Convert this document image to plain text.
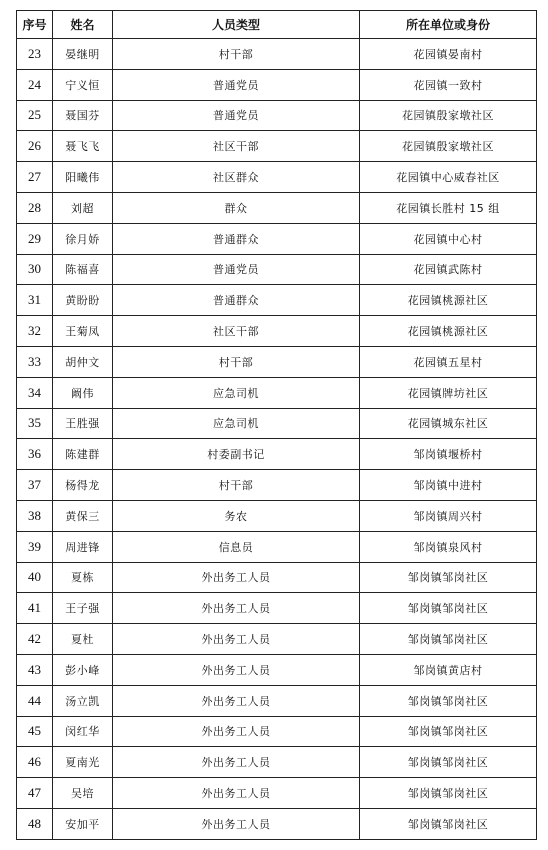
序号	姓名	人员类型	所在单位或身份
23	晏继明	村干部	花园镇晏南村
24	宁义恒	普通党员	花园镇一致村
25	聂国芬	普通党员	花园镇殷家墩社区
26	聂飞飞	社区干部	花园镇殷家墩社区
27	阳曦伟	社区群众	花园镇中心威春社区
28	刘超	群众	花园镇长胜村 15 组
29	徐月娇	普通群众	花园镇中心村
30	陈福喜	普通党员	花园镇武陈村
31	黄盼盼	普通群众	花园镇桃源社区
32	王菊凤	社区干部	花园镇桃源社区
33	胡仲文	村干部	花园镇五星村
34	阚伟	应急司机	花园镇牌坊社区
35	王胜强	应急司机	花园镇城东社区
36	陈建群	村委副书记	邹岗镇堰桥村
37	杨得龙	村干部	邹岗镇中进村
38	黄保三	务农	邹岗镇周兴村
39	周进锋	信息员	邹岗镇泉风村
40	夏栋	外出务工人员	邹岗镇邹岗社区
41	王子强	外出务工人员	邹岗镇邹岗社区
42	夏杜	外出务工人员	邹岗镇邹岗社区
43	彭小峰	外出务工人员	邹岗镇黄店村
44	汤立凯	外出务工人员	邹岗镇邹岗社区
45	闵红华	外出务工人员	邹岗镇邹岗社区
46	夏南光	外出务工人员	邹岗镇邹岗社区
47	吴培	外出务工人员	邹岗镇邹岗社区
48	安加平	外出务工人员	邹岗镇邹岗社区
